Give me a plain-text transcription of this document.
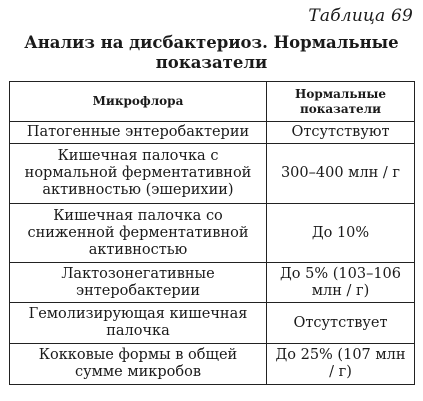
Таблица 69
Анализ на дисбактериоз. Нормальные показатели
Микрофлора	Нормальные показатели
Патогенные энтеробактерии	Отсутствуют
Кишечная палочка с нормальной ферментативной активностью (эшерихии)	300–400 млн / г
Кишечная палочка со сниженной ферментативной активностью	До 10%
Лактозонегативные энтеробактерии	До 5% (103–106 млн / г)
Гемолизирующая кишечная палочка	Отсутствует
Кокковые формы в общей сумме микробов	До 25% (107 млн / г)
